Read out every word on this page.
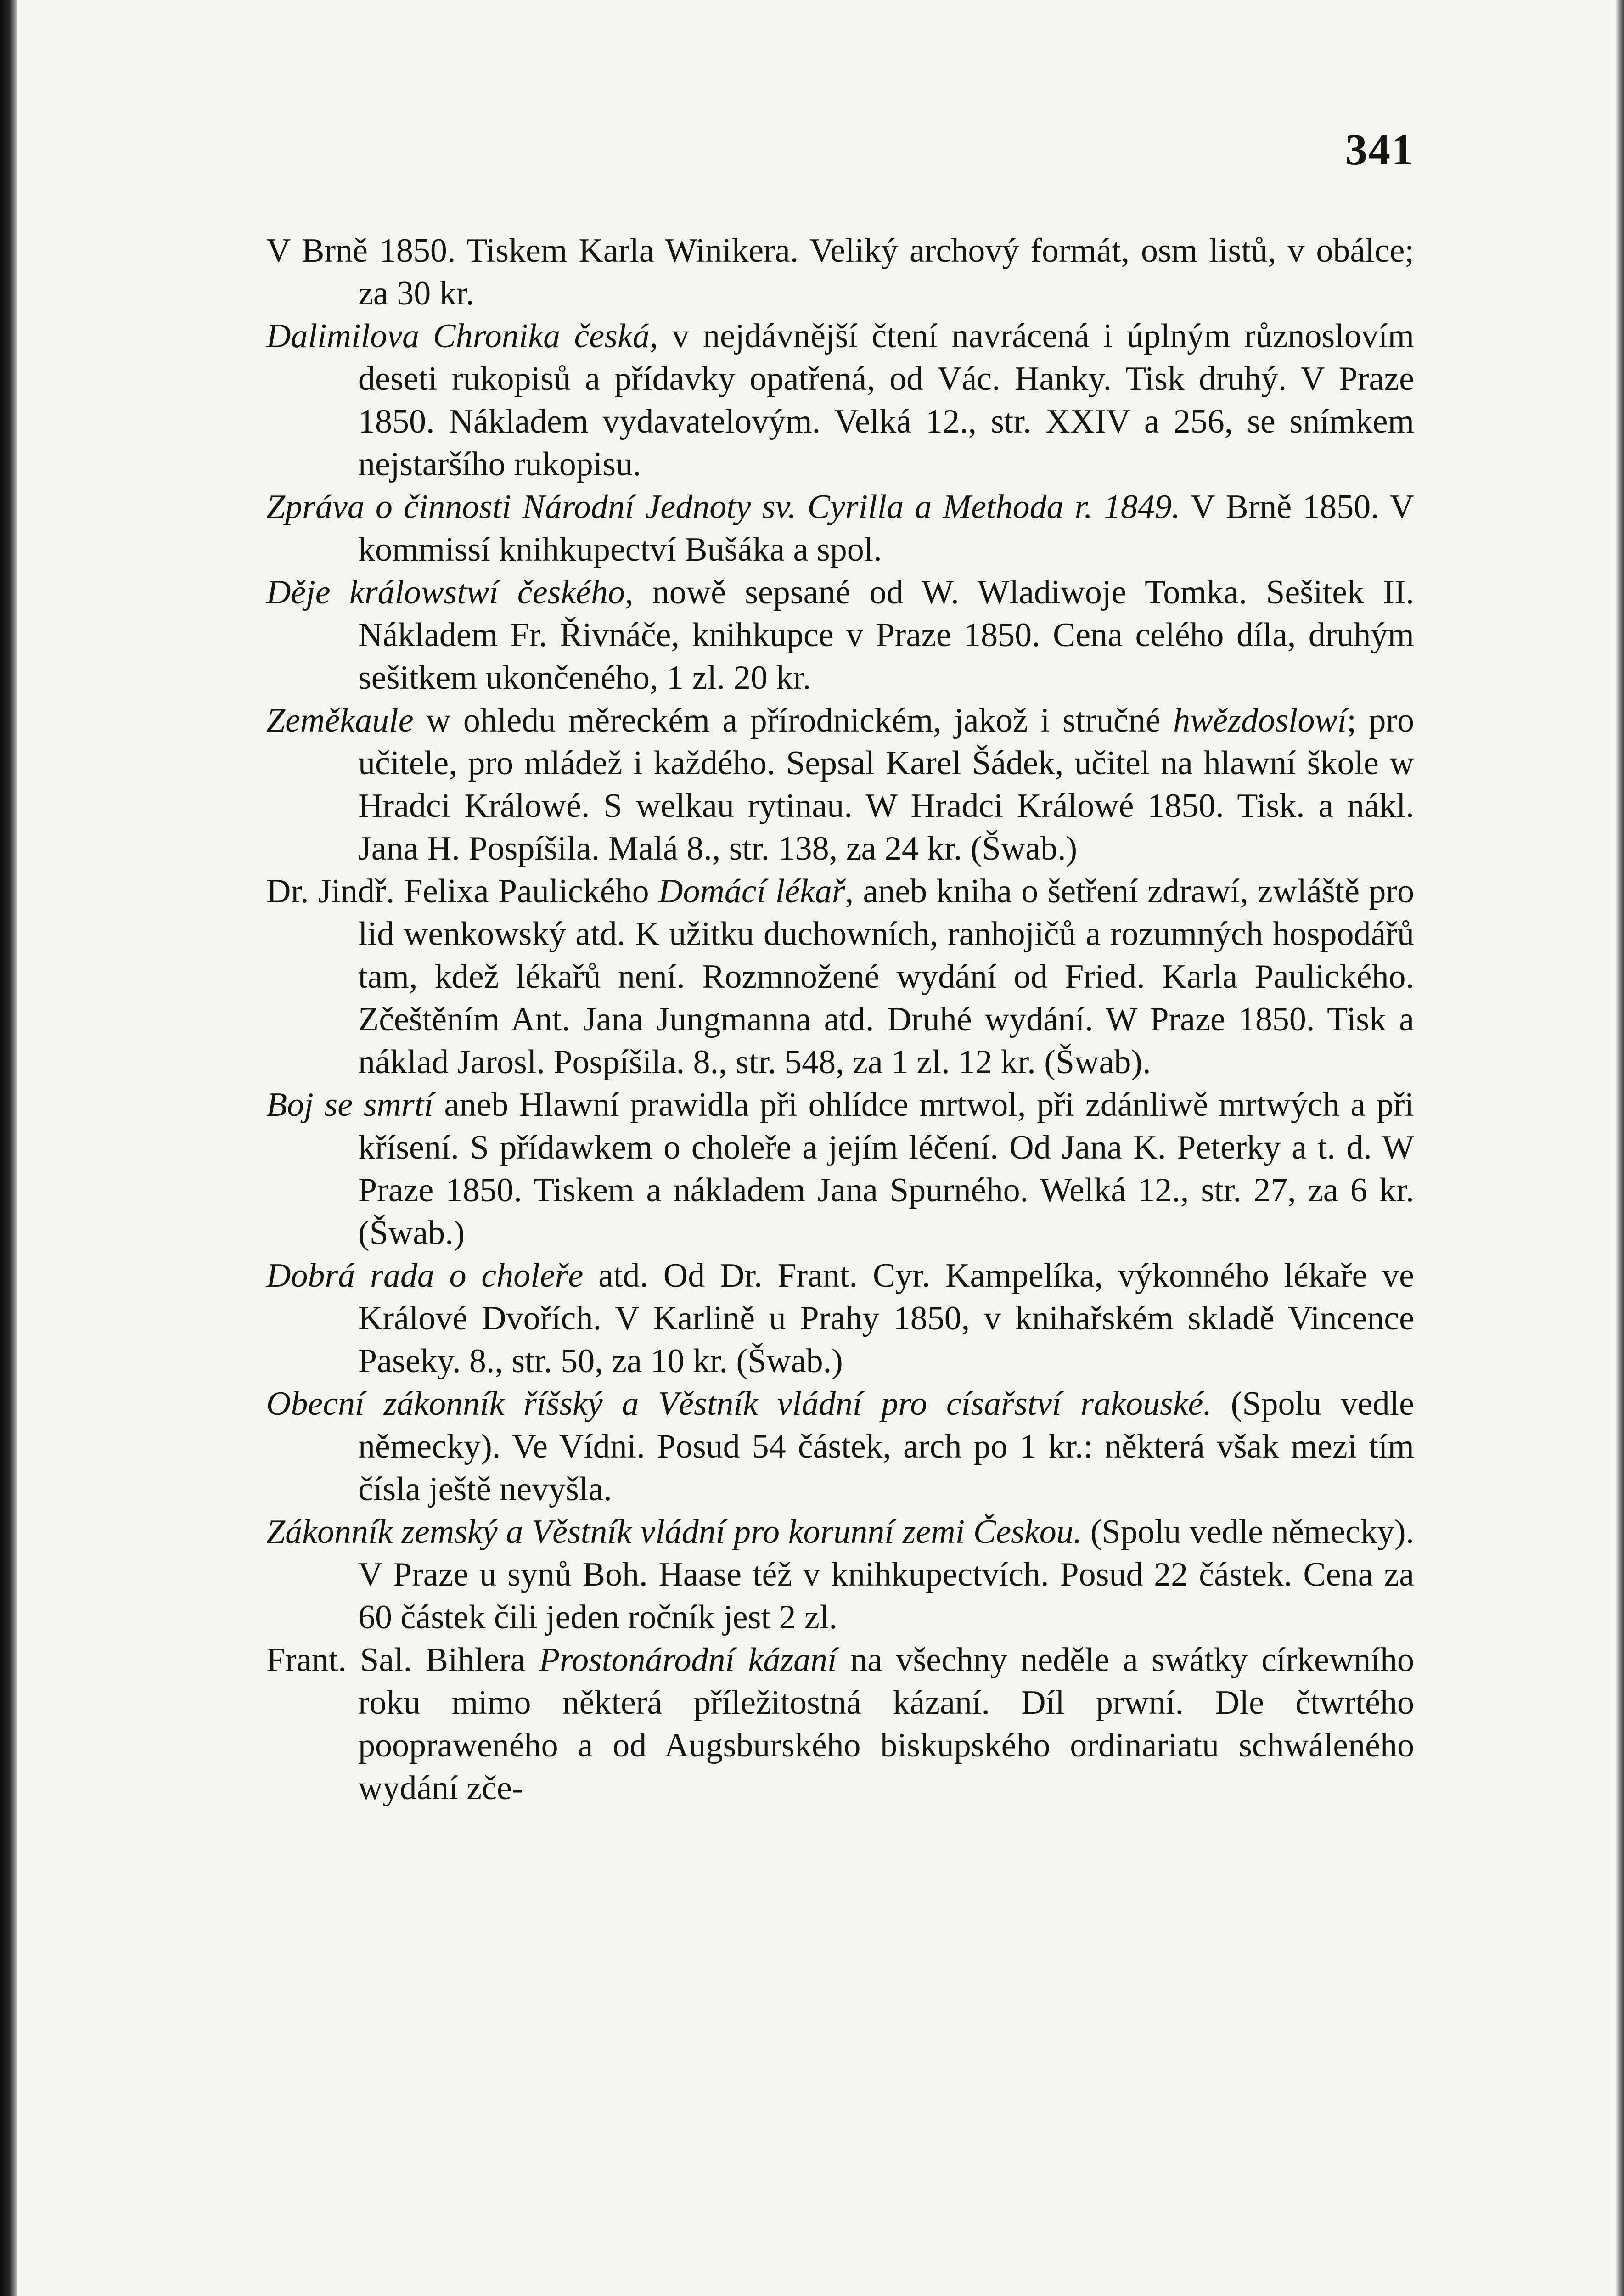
341

V Brně 1850. Tiskem Karla Winikera. Veliký archový formát, osm listů, v obálce; za 30 kr.

Dalimilova Chronika česká, v nejdávnější čtení navrácená i úplným různoslovím deseti rukopisů a přídavky opatřená, od Vác. Hanky. Tisk druhý. V Praze 1850. Nákladem vydavatelovým. Velká 12., str. XXIV a 256, se snímkem nejstaršího rukopisu.

Zpráva o činnosti Národní Jednoty sv. Cyrilla a Methoda r. 1849. V Brně 1850. V kommissí knihkupectví Bušáka a spol.

Děje králowstwí českého, nowě sepsané od W. Wladiwoje Tomka. Sešitek II. Nákladem Fr. Řivnáče, knihkupce v Praze 1850. Cena celého díla, druhým sešitkem ukončeného, 1 zl. 20 kr.

Zeměkaule w ohledu měreckém a přírodnickém, jakož i stručné hwězdoslowí; pro učitele, pro mládež i každého. Sepsal Karel Šádek, učitel na hlawní škole w Hradci Králowé. S welkau rytinau. W Hradci Králowé 1850. Tisk. a nákl. Jana H. Pospíšila. Malá 8., str. 138, za 24 kr. (Šwab.)

Dr. Jindř. Felixa Paulického Domácí lékař, aneb kniha o šetření zdrawí, zwláště pro lid wenkowský atd. K užitku duchowních, ranhojičů a rozumných hospodářů tam, kdež lékařů není. Rozmnožené wydání od Fried. Karla Paulického. Zčeštěním Ant. Jana Jungmanna atd. Druhé wydání. W Praze 1850. Tisk a náklad Jarosl. Pospíšila. 8., str. 548, za 1 zl. 12 kr. (Šwab).

Boj se smrtí aneb Hlawní prawidla při ohlídce mrtwol, při zdánliwě mrtwých a při křísení. S přídawkem o choleře a jejím léčení. Od Jana K. Peterky a t. d. W Praze 1850. Tiskem a nákladem Jana Spurného. Welká 12., str. 27, za 6 kr. (Šwab.)

Dobrá rada o choleře atd. Od Dr. Frant. Cyr. Kampelíka, výkonného lékaře ve Králové Dvořích. V Karlině u Prahy 1850, v knihařském skladě Vincence Paseky. 8., str. 50, za 10 kr. (Šwab.)

Obecní zákonník říšský a Věstník vládní pro císařství rakouské. (Spolu vedle německy). Ve Vídni. Posud 54 částek, arch po 1 kr.: některá však mezi tím čísla ještě nevyšla.

Zákonník zemský a Věstník vládní pro korunní zemi Českou. (Spolu vedle německy). V Praze u synů Boh. Haase též v knihkupectvích. Posud 22 částek. Cena za 60 částek čili jeden ročník jest 2 zl.

Frant. Sal. Bihlera Prostonárodní kázaní na všechny neděle a swátky církewního roku mimo některá příležitostná kázaní. Díl prwní. Dle čtwrtého poopraweného a od Augsburského biskupského ordinariatu schwáleného wydání zče-
